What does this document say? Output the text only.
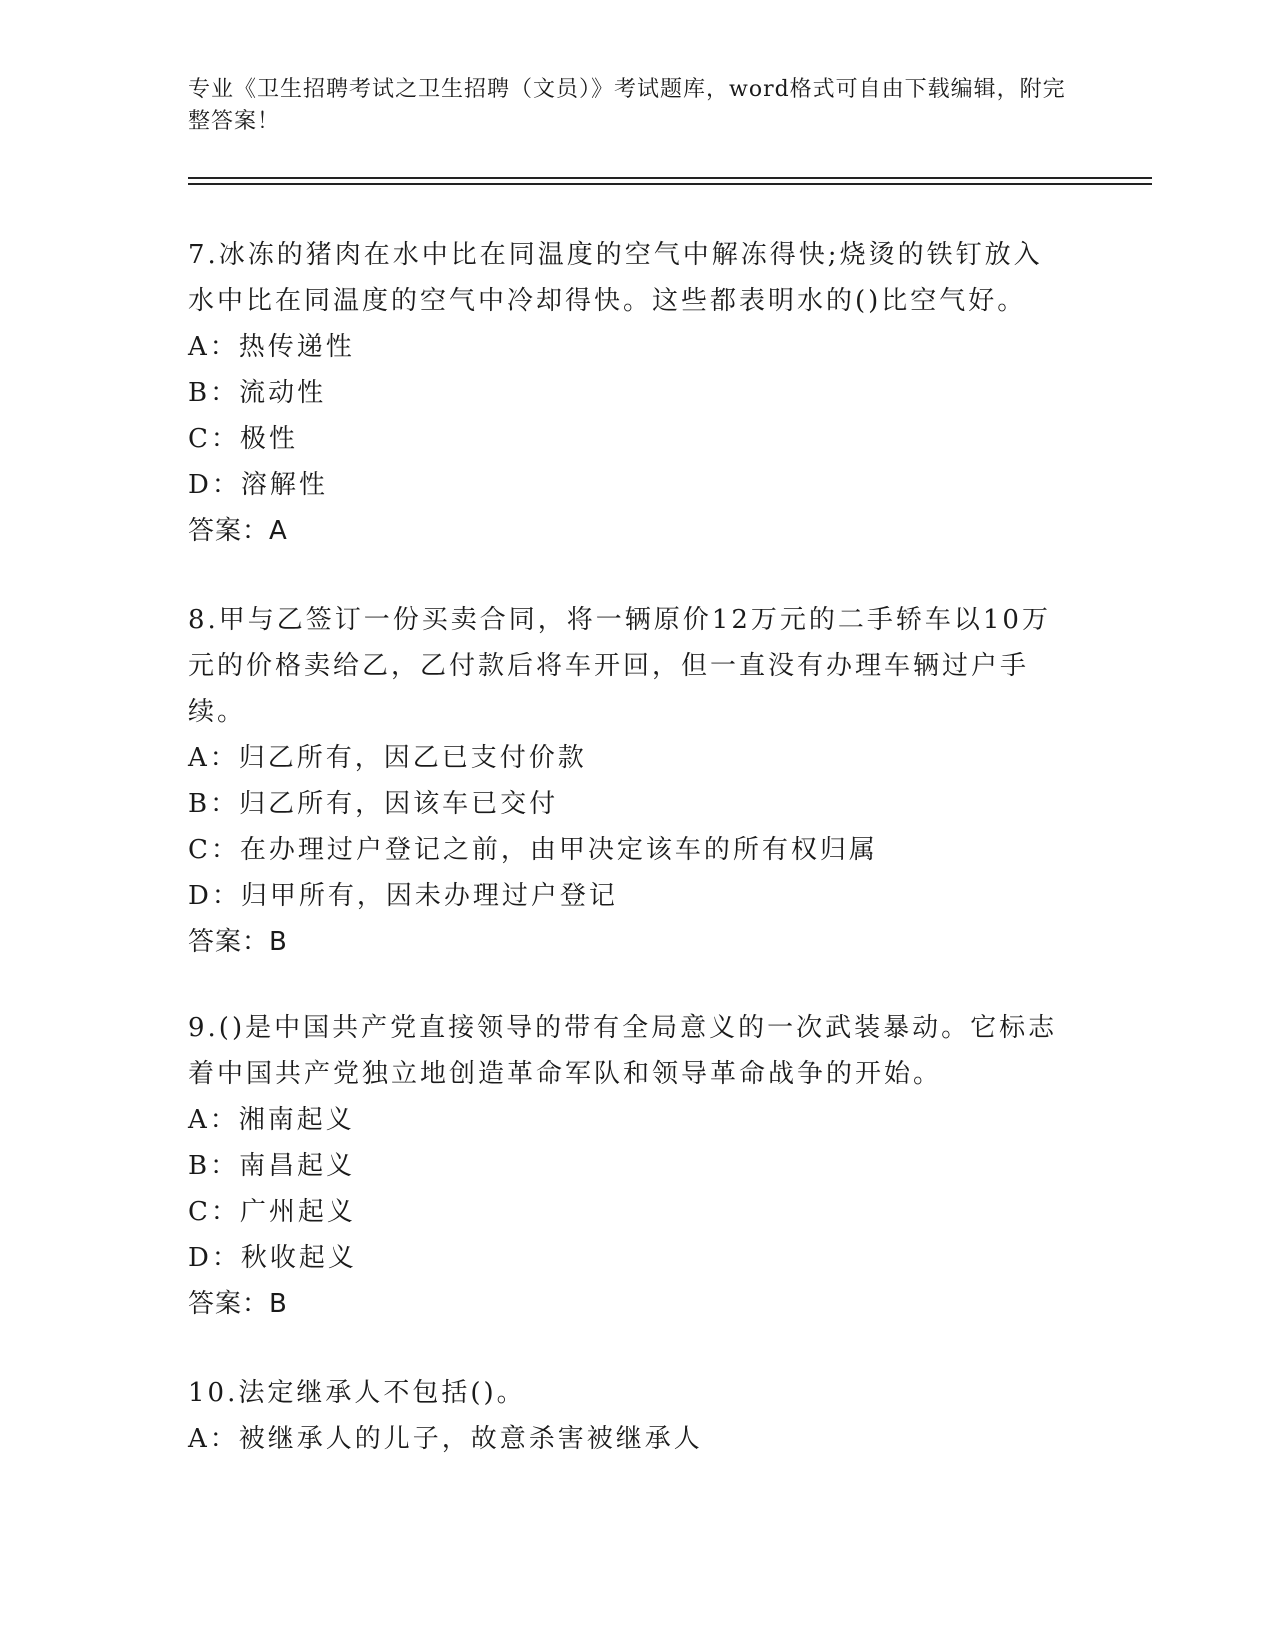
专业《卫生招聘考试之卫生招聘（文员）》考试题库，word格式可自由下载编辑，附完整答案！

7.冰冻的猪肉在水中比在同温度的空气中解冻得快;烧烫的铁钉放入水中比在同温度的空气中冷却得快。这些都表明水的()比空气好。

A：热传递性
B：流动性
C：极性
D：溶解性
答案：A

8.甲与乙签订一份买卖合同，将一辆原价12万元的二手轿车以10万元的价格卖给乙，乙付款后将车开回，但一直没有办理车辆过户手续。

A：归乙所有，因乙已支付价款
B：归乙所有，因该车已交付
C：在办理过户登记之前，由甲决定该车的所有权归属
D：归甲所有，因未办理过户登记
答案：B

9.()是中国共产党直接领导的带有全局意义的一次武装暴动。它标志着中国共产党独立地创造革命军队和领导革命战争的开始。

A：湘南起义
B：南昌起义
C：广州起义
D：秋收起义
答案：B

10.法定继承人不包括()。

A：被继承人的儿子，故意杀害被继承人
